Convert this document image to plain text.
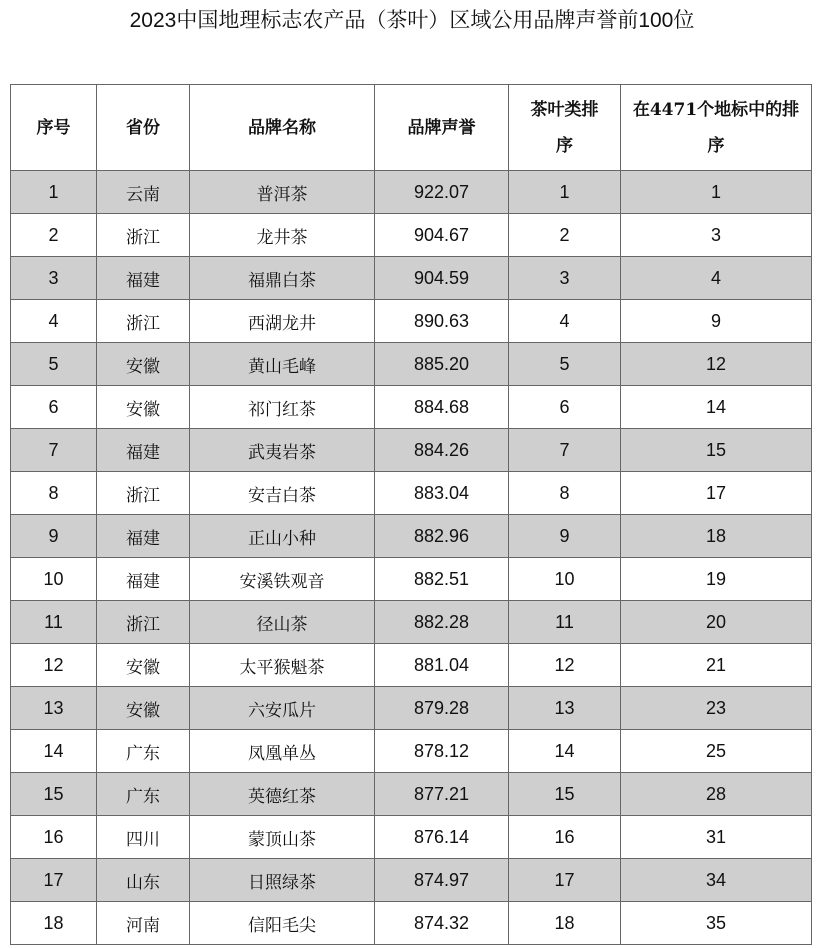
2023中国地理标志农产品（茶叶）区域公用品牌声誉前100位
序号	省份	品牌名称	品牌声誉	茶叶类排序	在4471个地标中的排序
1	云南	普洱茶	922.07	1	1
2	浙江	龙井茶	904.67	2	3
3	福建	福鼎白茶	904.59	3	4
4	浙江	西湖龙井	890.63	4	9
5	安徽	黄山毛峰	885.20	5	12
6	安徽	祁门红茶	884.68	6	14
7	福建	武夷岩茶	884.26	7	15
8	浙江	安吉白茶	883.04	8	17
9	福建	正山小种	882.96	9	18
10	福建	安溪铁观音	882.51	10	19
11	浙江	径山茶	882.28	11	20
12	安徽	太平猴魁茶	881.04	12	21
13	安徽	六安瓜片	879.28	13	23
14	广东	凤凰单丛	878.12	14	25
15	广东	英德红茶	877.21	15	28
16	四川	蒙顶山茶	876.14	16	31
17	山东	日照绿茶	874.97	17	34
18	河南	信阳毛尖	874.32	18	35
